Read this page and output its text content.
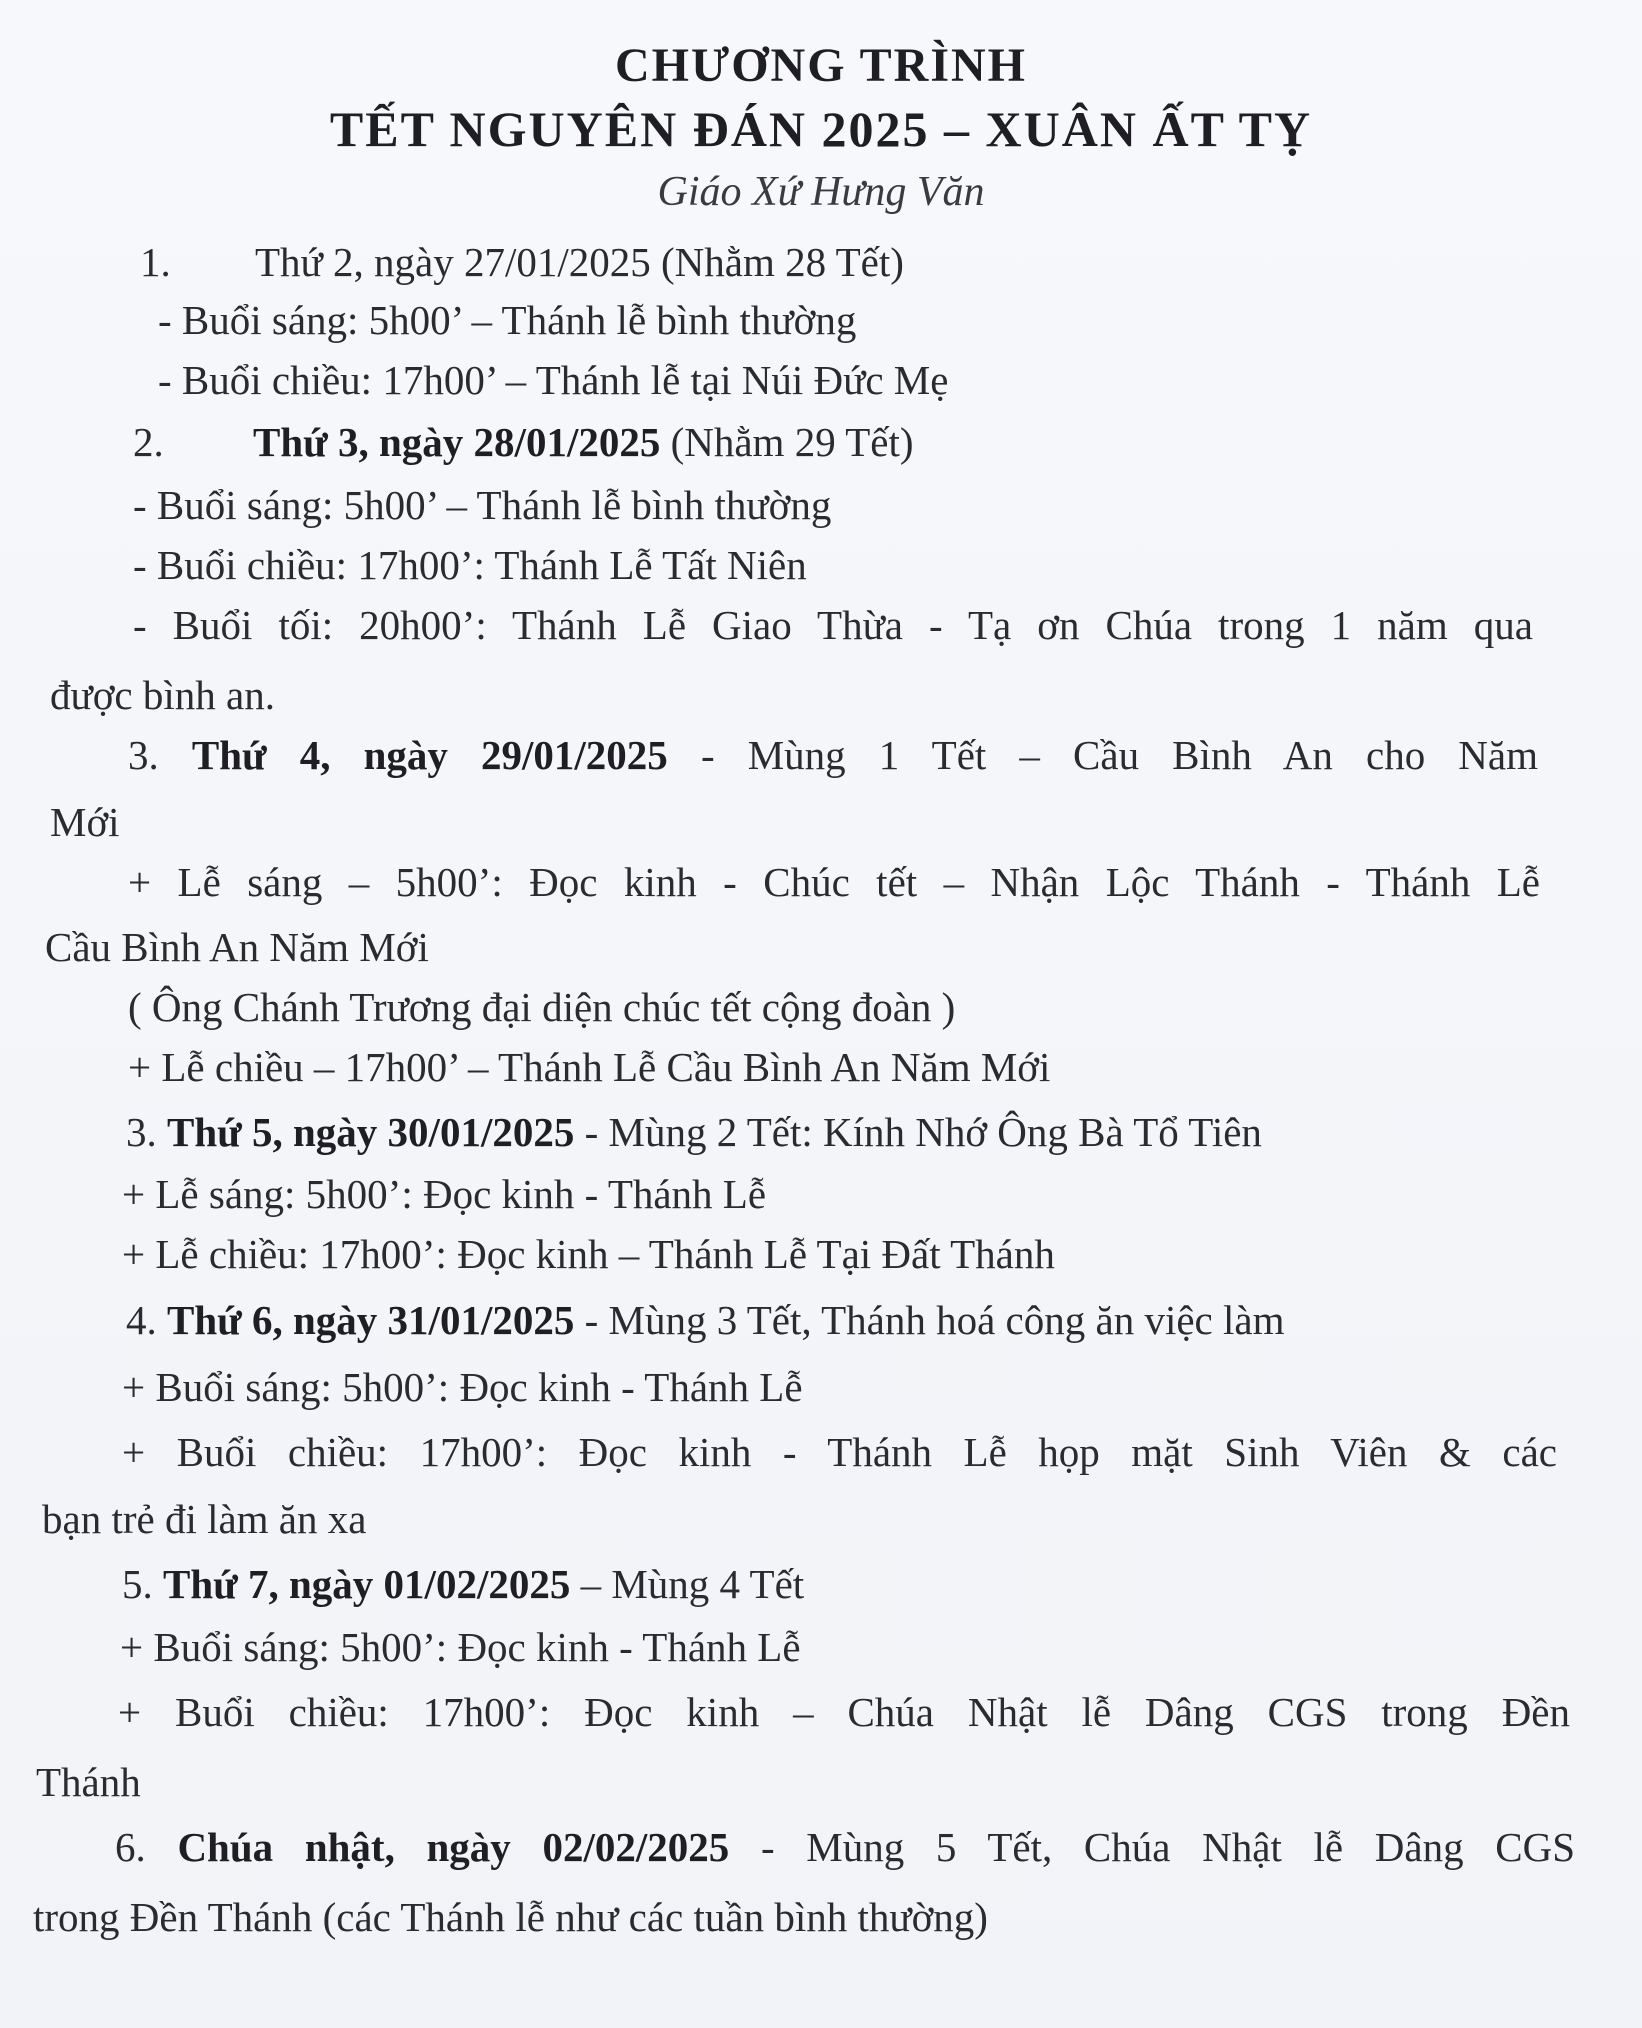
CHƯƠNG TRÌNH
TẾT NGUYÊN ĐÁN 2025 – XUÂN ẤT TỴ
Giáo Xứ Hưng Văn
1. Thứ 2, ngày 27/01/2025 (Nhằm 28 Tết)
- Buổi sáng: 5h00’ – Thánh lễ bình thường
- Buổi chiều: 17h00’ – Thánh lễ tại Núi Đức Mẹ
2. Thứ 3, ngày 28/01/2025 (Nhằm 29 Tết)
- Buổi sáng: 5h00’ – Thánh lễ bình thường
- Buổi chiều: 17h00’: Thánh Lễ Tất Niên
- Buổi tối: 20h00’: Thánh Lễ Giao Thừa - Tạ ơn Chúa trong 1 năm qua
được bình an.
3. Thứ 4, ngày 29/01/2025 - Mùng 1 Tết – Cầu Bình An cho Năm
Mới
+ Lễ sáng – 5h00’: Đọc kinh - Chúc tết – Nhận Lộc Thánh - Thánh Lễ
Cầu Bình An Năm Mới
( Ông Chánh Trương đại diện chúc tết cộng đoàn )
+ Lễ chiều – 17h00’ – Thánh Lễ Cầu Bình An Năm Mới
3. Thứ 5, ngày 30/01/2025 - Mùng 2 Tết: Kính Nhớ Ông Bà Tổ Tiên
+ Lễ sáng: 5h00’: Đọc kinh - Thánh Lễ
+ Lễ chiều: 17h00’: Đọc kinh – Thánh Lễ Tại Đất Thánh
4. Thứ 6, ngày 31/01/2025 - Mùng 3 Tết, Thánh hoá công ăn việc làm
+ Buổi sáng: 5h00’: Đọc kinh - Thánh Lễ
+ Buổi chiều: 17h00’: Đọc kinh - Thánh Lễ họp mặt Sinh Viên & các
bạn trẻ đi làm ăn xa
5. Thứ 7, ngày 01/02/2025 – Mùng 4 Tết
+ Buổi sáng: 5h00’: Đọc kinh - Thánh Lễ
+ Buổi chiều: 17h00’: Đọc kinh – Chúa Nhật lễ Dâng CGS trong Đền
Thánh
6. Chúa nhật, ngày 02/02/2025 - Mùng 5 Tết, Chúa Nhật lễ Dâng CGS
trong Đền Thánh (các Thánh lễ như các tuần bình thường)
